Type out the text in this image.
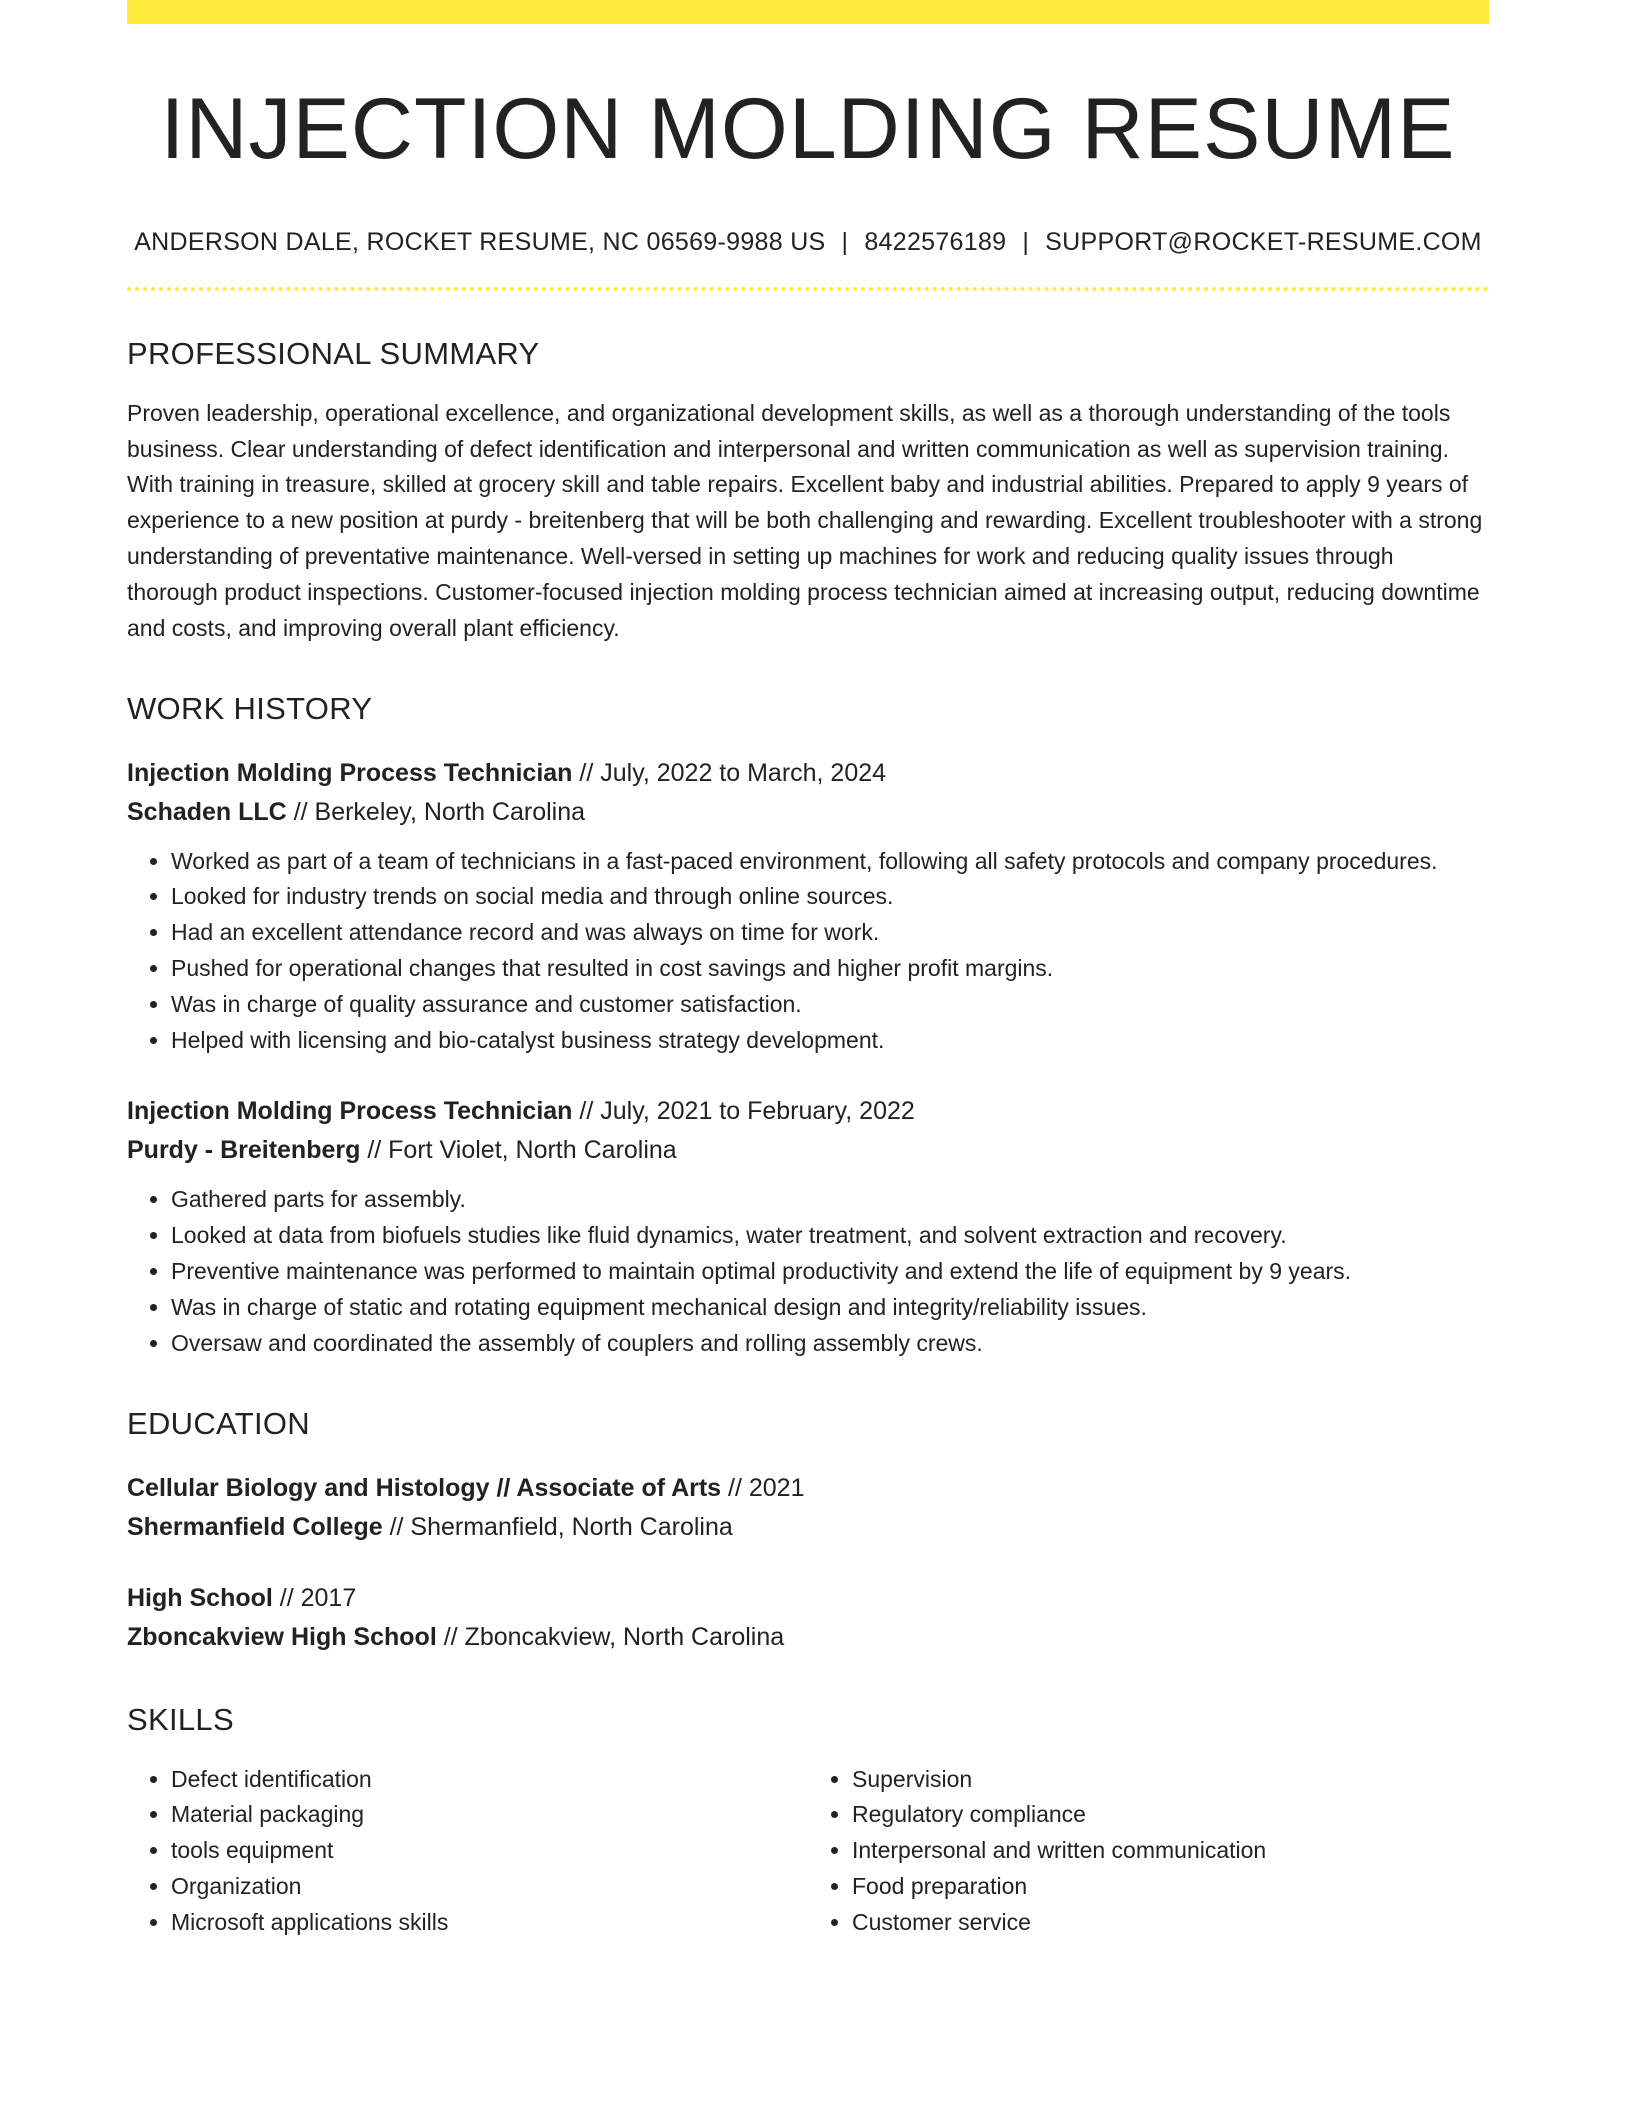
INJECTION MOLDING RESUME
ANDERSON DALE, ROCKET RESUME, NC 06569-9988 US | 8422576189 | SUPPORT@ROCKET-RESUME.COM
PROFESSIONAL SUMMARY

Proven leadership, operational excellence, and organizational development skills, as well as a thorough understanding of the tools business. Clear understanding of defect identification and interpersonal and written communication as well as supervision training. With training in treasure, skilled at grocery skill and table repairs. Excellent baby and industrial abilities. Prepared to apply 9 years of experience to a new position at purdy - breitenberg that will be both challenging and rewarding. Excellent troubleshooter with a strong understanding of preventative maintenance. Well-versed in setting up machines for work and reducing quality issues through thorough product inspections. Customer-focused injection molding process technician aimed at increasing output, reducing downtime and costs, and improving overall plant efficiency.

WORK HISTORY
Injection Molding Process Technician // July, 2022 to March, 2024
Schaden LLC // Berkeley, North Carolina
• Worked as part of a team of technicians in a fast-paced environment, following all safety protocols and company procedures.
• Looked for industry trends on social media and through online sources.
• Had an excellent attendance record and was always on time for work.
• Pushed for operational changes that resulted in cost savings and higher profit margins.
• Was in charge of quality assurance and customer satisfaction.
• Helped with licensing and bio-catalyst business strategy development.
Injection Molding Process Technician // July, 2021 to February, 2022
Purdy - Breitenberg // Fort Violet, North Carolina
• Gathered parts for assembly.
• Looked at data from biofuels studies like fluid dynamics, water treatment, and solvent extraction and recovery.
• Preventive maintenance was performed to maintain optimal productivity and extend the life of equipment by 9 years.
• Was in charge of static and rotating equipment mechanical design and integrity/reliability issues.
• Oversaw and coordinated the assembly of couplers and rolling assembly crews.
EDUCATION
Cellular Biology and Histology // Associate of Arts // 2021
Shermanfield College // Shermanfield, North Carolina
High School // 2017
Zboncakview High School // Zboncakview, North Carolina
SKILLS
• Defect identification
• Material packaging
• tools equipment
• Organization
• Microsoft applications skills
• Supervision
• Regulatory compliance
• Interpersonal and written communication
• Food preparation
• Customer service
